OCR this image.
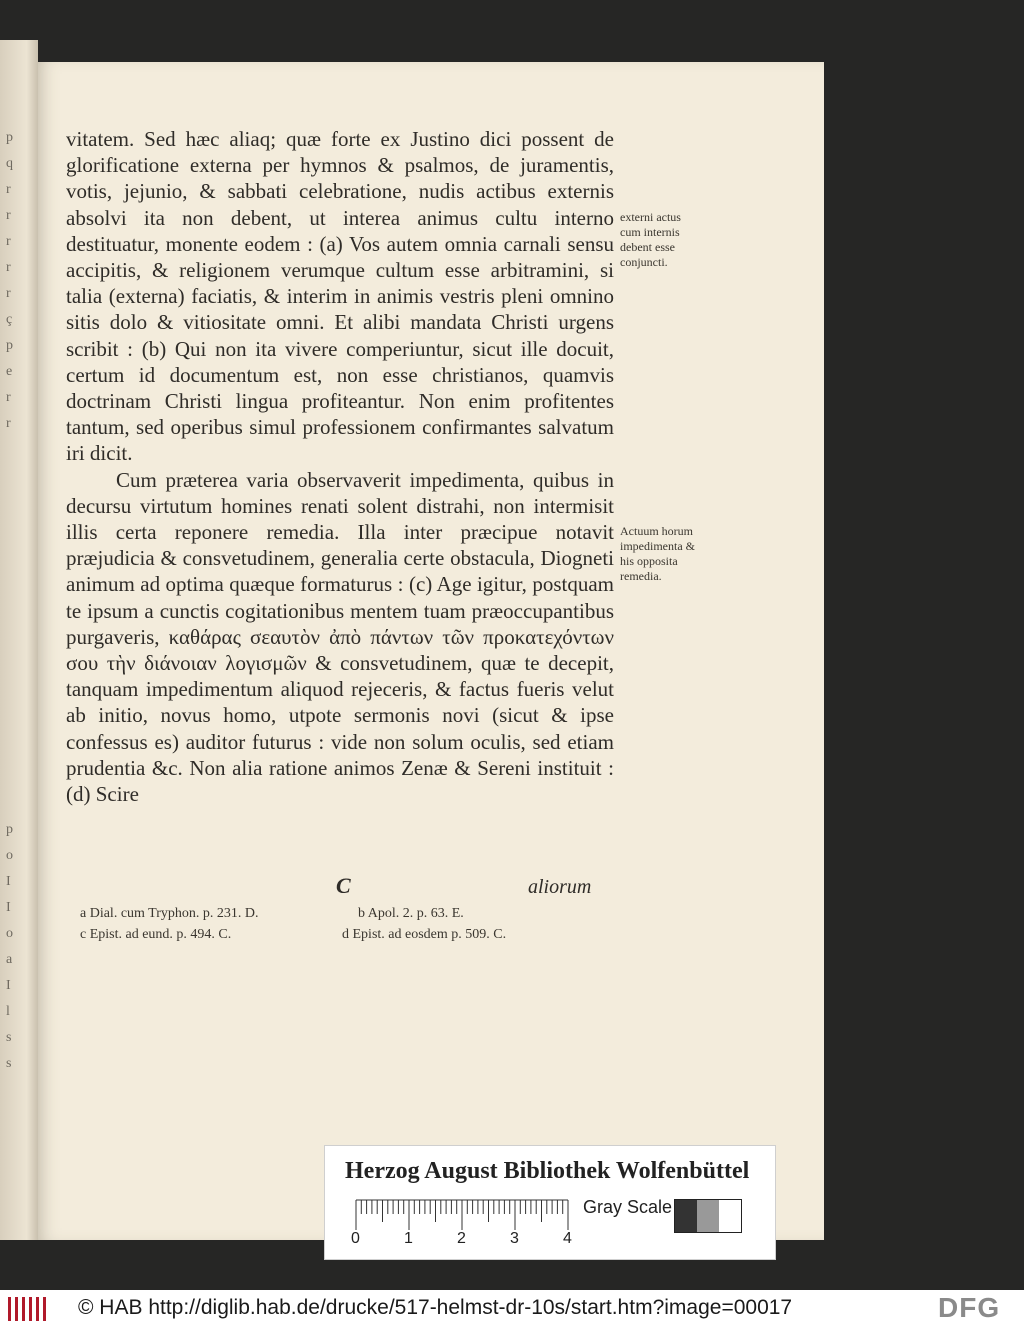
p
q
r
r
r
r
r
ç
p
e
r
r
p
o
I
I
o
a
I
l
s
s

vitatem. Sed hæc aliaq; quæ forte ex Justino dici possent de glorificatione externa per hymnos & psalmos, de juramentis, votis, jejunio, & sabbati celebratione, nudis actibus externis absolvi ita non debent, ut interea animus cultu interno destituatur, monente eodem : (a) Vos autem omnia carnali sensu accipitis, & religionem verumque cultum esse arbitramini, si talia (externa) faciatis, & interim in animis vestris pleni omnino sitis dolo & vitiositate omni. Et alibi mandata Christi urgens scribit : (b) Qui non ita vivere comperiuntur, sicut ille docuit, certum id documentum est, non esse christianos, quamvis doctrinam Christi lingua profiteantur. Non enim profitentes tantum, sed operibus simul professionem confirmantes salvatum iri dicit.

Cum præterea varia observaverit impedimenta, quibus in decursu virtutum homines renati solent distrahi, non intermisit illis certa reponere remedia. Illa inter præcipue notavit præjudicia & consvetudinem, generalia certe obstacula, Diogneti animum ad optima quæque formaturus : (c) Age igitur, postquam te ipsum a cunctis cogitationibus mentem tuam præoccupantibus purgaveris, καθάρας σεαυτὸν ἀπὸ πάντων τῶν προκατεχόντων σου τὴν διάνοιαν λογισμῶν & consvetudinem, quæ te decepit, tanquam impedimentum aliquod rejeceris, & factus fueris velut ab initio, novus homo, utpote sermonis novi (sicut & ipse confessus es) auditor futurus : vide non solum oculis, sed etiam prudentia &c. Non alia ratione animos Zenæ & Sereni instituit : (d) Scire

externi actus cum internis debent esse conjuncti.
Actuum horum impedimenta & his opposita remedia.
C	aliorum
a Dial. cum Tryphon. p. 231. D.	b Apol. 2. p. 63. E.
c Epist. ad eund. p. 494. C.	d Epist. ad eosdem p. 509. C.
Herzog August Bibliothek Wolfenbüttel
Gray Scale
0	1	2	3	4
© HAB http://diglib.hab.de/drucke/517-helmst-dr-10s/start.htm?image=00017	DFG
